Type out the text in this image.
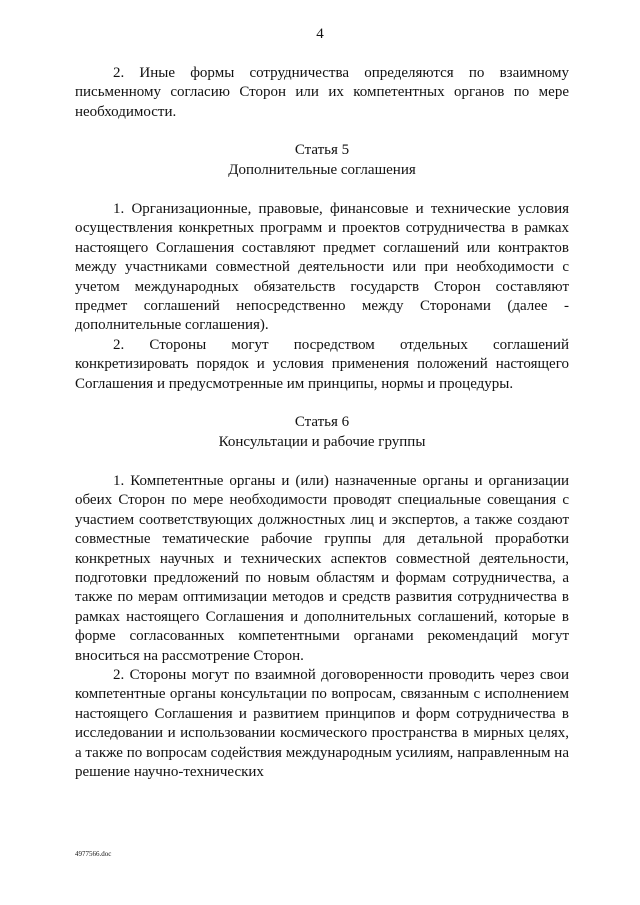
4

2. Иные формы сотрудничества определяются по взаимному письменному согласию Сторон или их компетентных органов по мере необходимости.

Статья 5

Дополнительные соглашения

1. Организационные, правовые, финансовые и технические условия осуществления конкретных программ и проектов сотрудничества в рамках настоящего Соглашения составляют предмет соглашений или контрактов между участниками совместной деятельности или при необходимости с учетом международных обязательств государств Сторон составляют предмет соглашений непосредственно между Сторонами (далее - дополнительные соглашения).

2. Стороны могут посредством отдельных соглашений конкретизировать порядок и условия применения положений настоящего Соглашения и предусмотренные им принципы, нормы и процедуры.

Статья 6

Консультации и рабочие группы

1. Компетентные органы и (или) назначенные органы и организации обеих Сторон по мере необходимости проводят специальные совещания с участием соответствующих должностных лиц и экспертов, а также создают совместные тематические рабочие группы для детальной проработки конкретных научных и технических аспектов совместной деятельности, подготовки предложений по новым областям и формам сотрудничества, а также по мерам оптимизации методов и средств развития сотрудничества в рамках настоящего Соглашения и дополнительных соглашений, которые в форме согласованных компетентными органами рекомендаций могут вноситься на рассмотрение Сторон.

2. Стороны могут по взаимной договоренности проводить через свои компетентные органы консультации по вопросам, связанным с исполнением настоящего Соглашения и развитием принципов и форм сотрудничества в исследовании и использовании космического пространства в мирных целях, а также по вопросам содействия международным усилиям, направленным на решение научно-технических

4977566.doc
